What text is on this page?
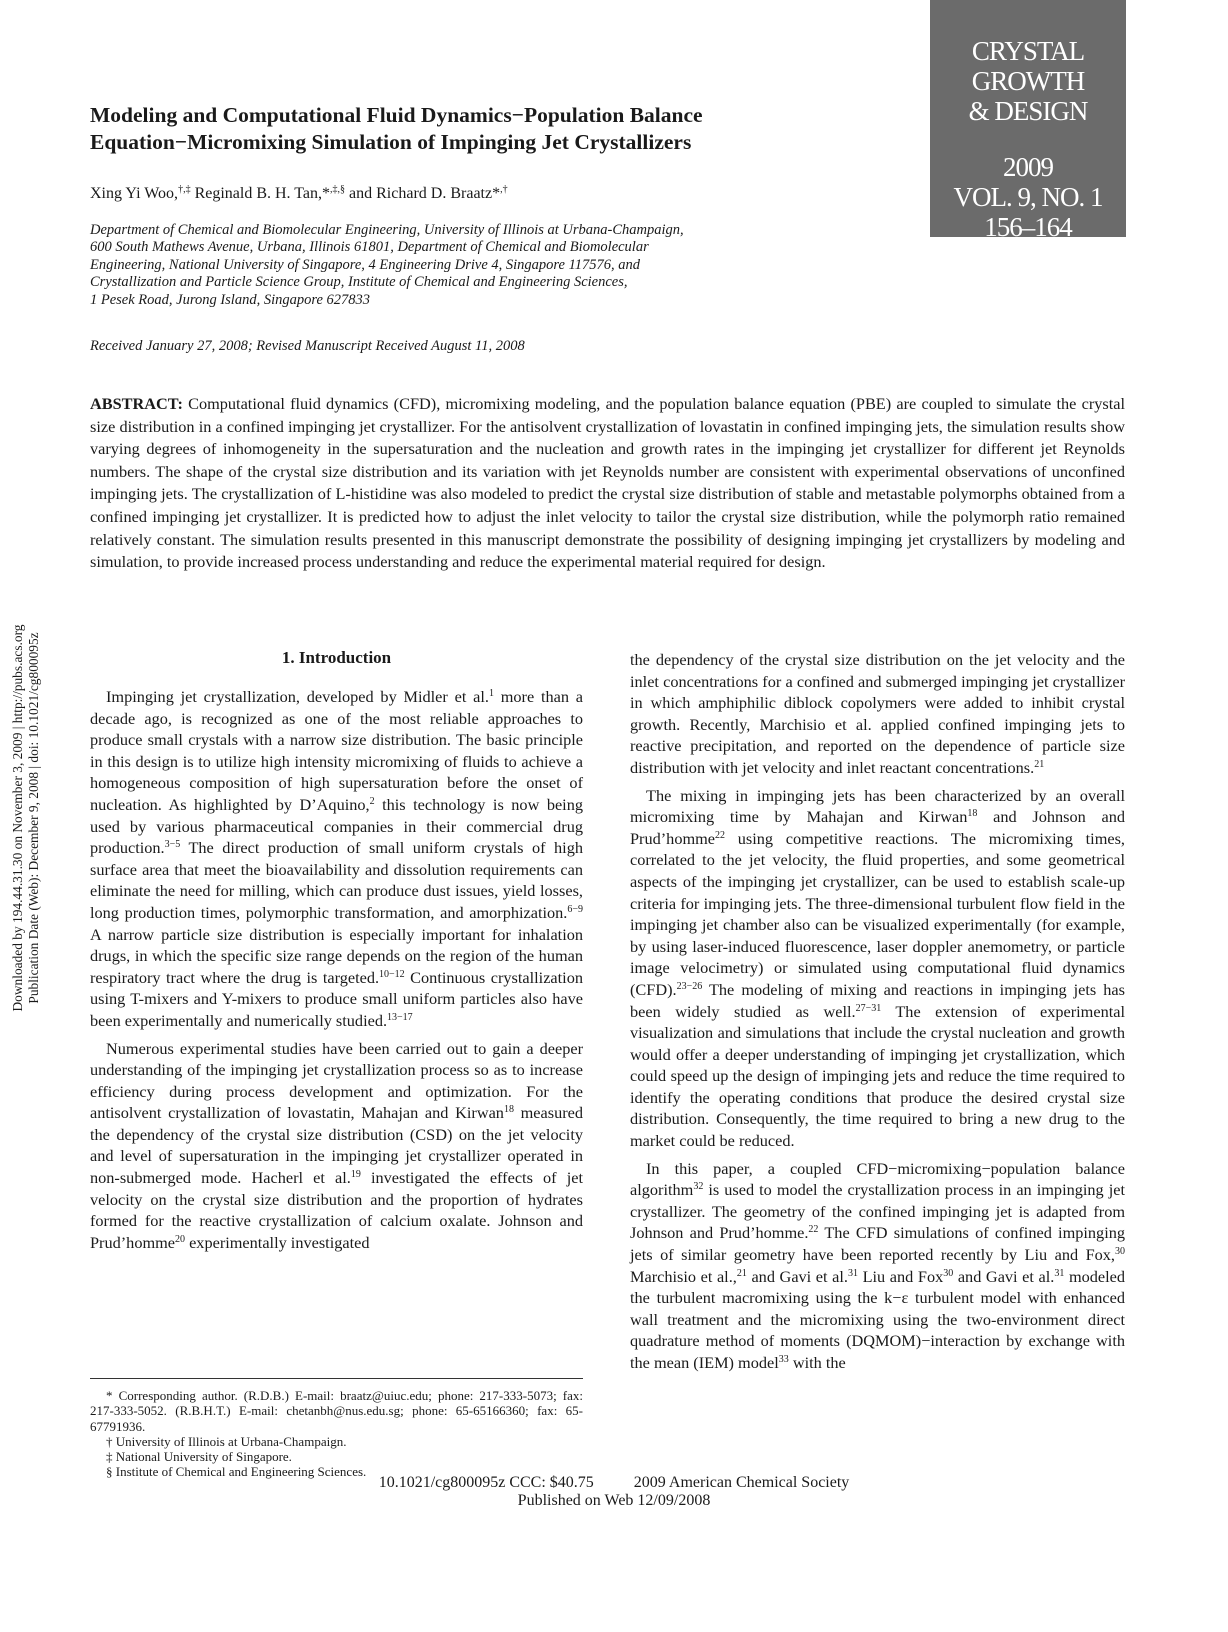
CRYSTAL
GROWTH
& DESIGN
2009
VOL. 9, NO. 1
156–164
Modeling and Computational Fluid Dynamics−Population Balance
Equation−Micromixing Simulation of Impinging Jet Crystallizers
Xing Yi Woo,†,‡ Reginald B. H. Tan,*,‡,§ and Richard D. Braatz*,†
Department of Chemical and Biomolecular Engineering, University of Illinois at Urbana-Champaign,
600 South Mathews Avenue, Urbana, Illinois 61801, Department of Chemical and Biomolecular
Engineering, National University of Singapore, 4 Engineering Drive 4, Singapore 117576, and
Crystallization and Particle Science Group, Institute of Chemical and Engineering Sciences,
1 Pesek Road, Jurong Island, Singapore 627833
Received January 27, 2008; Revised Manuscript Received August 11, 2008
ABSTRACT: Computational fluid dynamics (CFD), micromixing modeling, and the population balance equation (PBE) are coupled to simulate the crystal size distribution in a confined impinging jet crystallizer. For the antisolvent crystallization of lovastatin in confined impinging jets, the simulation results show varying degrees of inhomogeneity in the supersaturation and the nucleation and growth rates in the impinging jet crystallizer for different jet Reynolds numbers. The shape of the crystal size distribution and its variation with jet Reynolds number are consistent with experimental observations of unconfined impinging jets. The crystallization of L-histidine was also modeled to predict the crystal size distribution of stable and metastable polymorphs obtained from a confined impinging jet crystallizer. It is predicted how to adjust the inlet velocity to tailor the crystal size distribution, while the polymorph ratio remained relatively constant. The simulation results presented in this manuscript demonstrate the possibility of designing impinging jet crystallizers by modeling and simulation, to provide increased process understanding and reduce the experimental material required for design.
Downloaded by 194.44.31.30 on November 3, 2009 | http://pubs.acs.org Publication Date (Web): December 9, 2008 | doi: 10.1021/cg800095z	1. Introduction

Impinging jet crystallization, developed by Midler et al.$^1$ more than a decade ago, is recognized as one of the most reliable approaches to produce small crystals with a narrow size distribution. The basic principle in this design is to utilize high intensity micromixing of fluids to achieve a homogeneous composition of high supersaturation before the onset of nucleation. As highlighted by D’Aquino,$^2$ this technology is now being used by various pharmaceutical companies in their commercial drug production.$^{3-5}$ The direct production of small uniform crystals of high surface area that meet the bioavailability and dissolution requirements can eliminate the need for milling, which can produce dust issues, yield losses, long production times, polymorphic transformation, and amorphization.$^{6-9}$ A narrow particle size distribution is especially important for inhalation drugs, in which the specific size range depends on the region of the human respiratory tract where the drug is targeted.$^{10-12}$ Continuous crystallization using T-mixers and Y-mixers to produce small uniform particles also have been experimentally and numerically studied.$^{13-17}$

Numerous experimental studies have been carried out to gain a deeper understanding of the impinging jet crystallization process so as to increase efficiency during process development and optimization. For the antisolvent crystallization of lovastatin, Mahajan and Kirwan$^{18}$ measured the dependency of the crystal size distribution (CSD) on the jet velocity and level of supersaturation in the impinging jet crystallizer operated in non-submerged mode. Hacherl et al.$^{19}$ investigated the effects of jet velocity on the crystal size distribution and the proportion of hydrates formed for the reactive crystallization of calcium oxalate. Johnson and Prud’homme$^{20}$ experimentally investigated

the dependency of the crystal size distribution on the jet velocity and the inlet concentrations for a confined and submerged impinging jet crystallizer in which amphiphilic diblock copolymers were added to inhibit crystal growth. Recently, Marchisio et al. applied confined impinging jets to reactive precipitation, and reported on the dependence of particle size distribution with jet velocity and inlet reactant concentrations.$^{21}$

The mixing in impinging jets has been characterized by an overall micromixing time by Mahajan and Kirwan$^{18}$ and Johnson and Prud’homme$^{22}$ using competitive reactions. The micromixing times, correlated to the jet velocity, the fluid properties, and some geometrical aspects of the impinging jet crystallizer, can be used to establish scale-up criteria for impinging jets. The three-dimensional turbulent flow field in the impinging jet chamber also can be visualized experimentally (for example, by using laser-induced fluorescence, laser doppler anemometry, or particle image velocimetry) or simulated using computational fluid dynamics (CFD).$^{23-26}$ The modeling of mixing and reactions in impinging jets has been widely studied as well.$^{27-31}$ The extension of experimental visualization and simulations that include the crystal nucleation and growth would offer a deeper understanding of impinging jet crystallization, which could speed up the design of impinging jets and reduce the time required to identify the operating conditions that produce the desired crystal size distribution. Consequently, the time required to bring a new drug to the market could be reduced.

In this paper, a coupled CFD−micromixing−population balance algorithm$^{32}$ is used to model the crystallization process in an impinging jet crystallizer. The geometry of the confined impinging jet is adapted from Johnson and Prud’homme.$^{22}$ The CFD simulations of confined impinging jets of similar geometry have been reported recently by Liu and Fox,$^{30}$ Marchisio et al.,$^{21}$ and Gavi et al.$^{31}$ Liu and Fox$^{30}$ and Gavi et al.$^{31}$ modeled the turbulent macromixing using the k−ε turbulent model with enhanced wall treatment and the micromixing using the two-environment direct quadrature method of moments (DQMOM)−interaction by exchange with the mean (IEM) model$^{33}$ with the

* Corresponding author. (R.D.B.) E-mail: braatz@uiuc.edu; phone: 217-333-5073; fax: 217-333-5052. (R.B.H.T.) E-mail: chetanbh@nus.edu.sg; phone: 65-65166360; fax: 65-67791936.

† University of Illinois at Urbana-Champaign.

‡ National University of Singapore.

§ Institute of Chemical and Engineering Sciences.

10.1021/cg800095z CCC: $40.75	2009 American Chemical Society
Published on Web 12/09/2008
